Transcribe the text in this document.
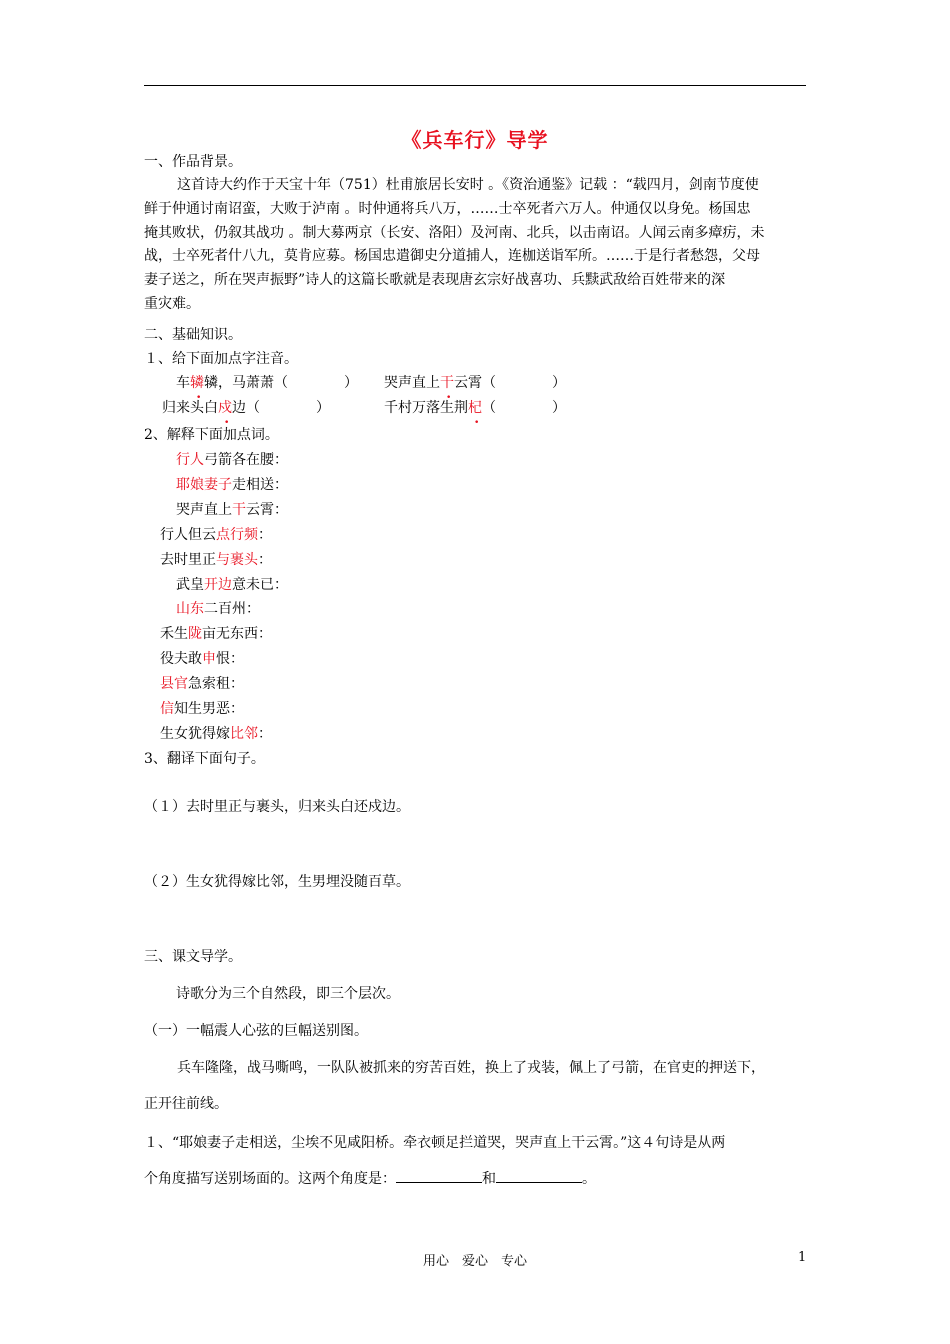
《兵车行》导学
一、作品背景。
这首诗大约作于天宝十年（751）杜甫旅居长安时 。《资治通鉴》记载 ：“载四月，剑南节度使
鲜于仲通讨南诏蛮，大败于泸南 。时仲通将兵八万，……士卒死者六万人。仲通仅以身免。杨国忠
掩其败状，仍叙其战功 。制大募两京（长安、洛阳）及河南、北兵，以击南诏。人闻云南多瘴疠，未
战，士卒死者什八九，莫肯应募。杨国忠遣御史分道捕人，连枷送诣军所。……于是行者愁怨，父母
妻子送之，所在哭声振野”诗人的这篇长歌就是表现唐玄宗好战喜功、兵黩武敌给百姓带来的深
重灾难。
二、基础知识。
１、给下面加点字注音。
车辚辚，马萧萧（　　　　） 哭声直上干云霄（　　　　）
归来头白戍边（　　　　）	千村万落生荆杞（　　　　）
2、解释下面加点词。
行人弓箭各在腰：
耶娘妻子走相送：
哭声直上干云霄：
行人但云点行频：
去时里正与裹头：
武皇开边意未已：
山东二百州：
禾生陇亩无东西：
役夫敢申恨：
县官急索租：
信知生男恶：
生女犹得嫁比邻：
3、翻译下面句子。
（１）去时里正与裹头，归来头白还戍边。
（２）生女犹得嫁比邻，生男埋没随百草。
三、课文导学。
诗歌分为三个自然段，即三个层次。
（一）一幅震人心弦的巨幅送别图。
兵车隆隆，战马嘶鸣，一队队被抓来的穷苦百姓，换上了戎装，佩上了弓箭，在官吏的押送下，
正开往前线。
１、“耶娘妻子走相送，尘埃不见咸阳桥。牵衣顿足拦道哭，哭声直上干云霄。”这４句诗是从两
个角度描写送别场面的。这两个角度是：	和	。
用心　爱心　专心	1
